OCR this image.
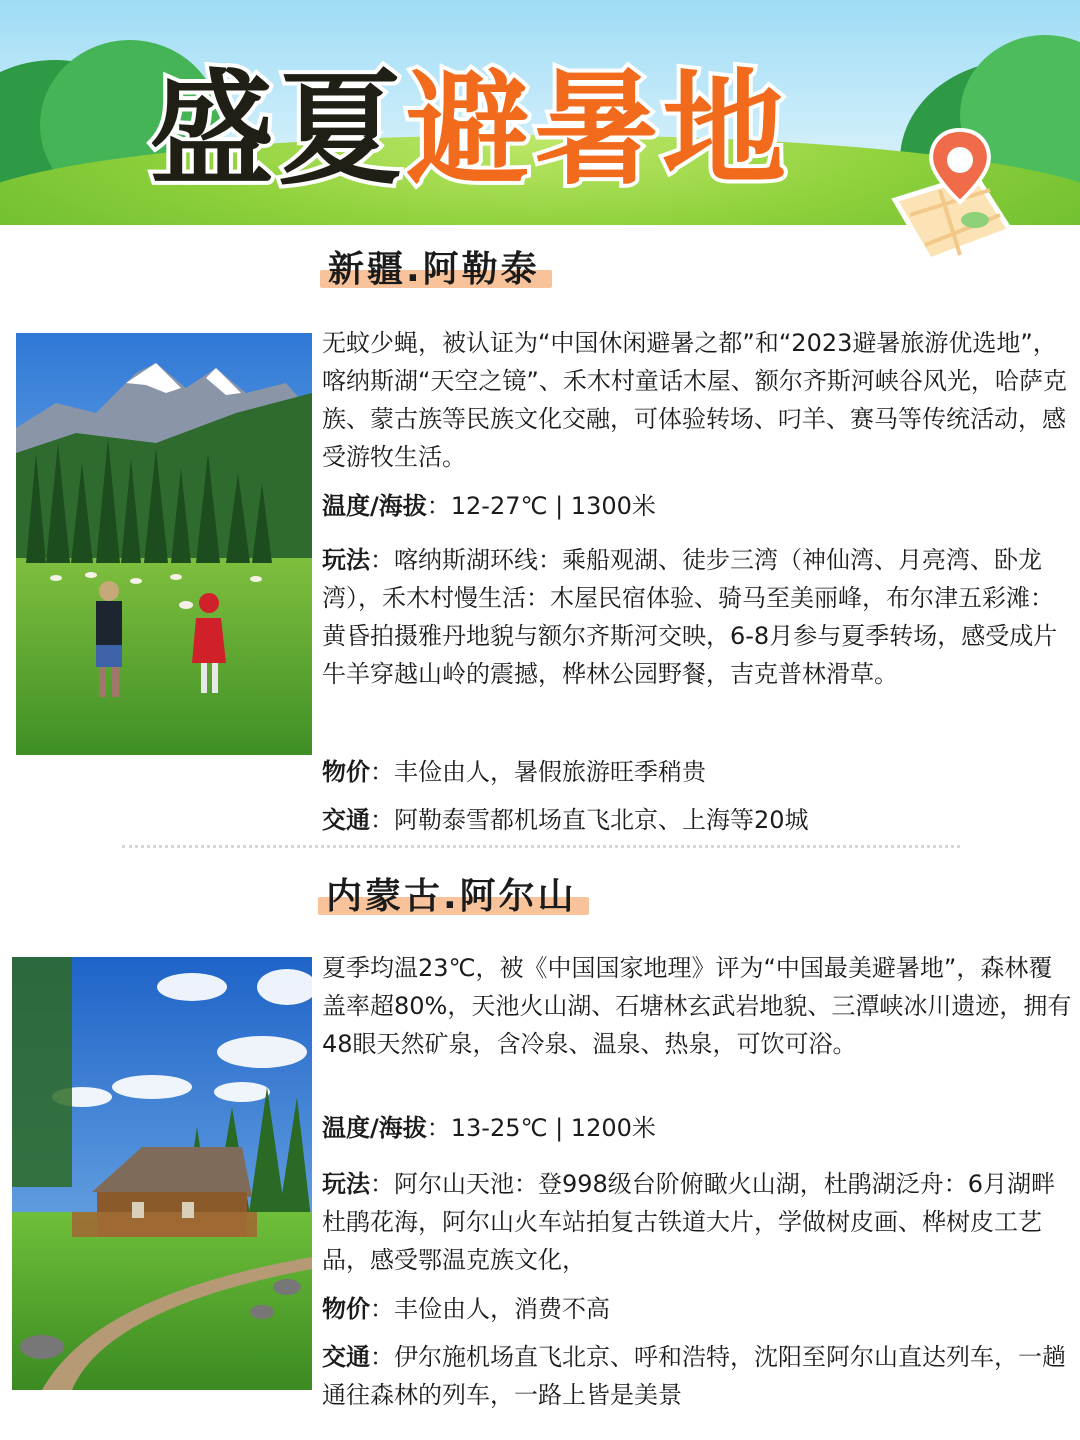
盛夏 避暑地
新疆.阿勒泰
无蚊少蝇，被认证为“中国休闲避暑之都”和“2023避暑旅游优选地”，喀纳斯湖“天空之镜”、禾木村童话木屋、额尔齐斯河峡谷风光，哈萨克族、蒙古族等民族文化交融，可体验转场、叼羊、赛马等传统活动，感受游牧生活。
温度/海拔：12-27℃ | 1300米
玩法：喀纳斯湖环线：乘船观湖、徒步三湾（神仙湾、月亮湾、卧龙湾），禾木村慢生活：木屋民宿体验、骑马至美丽峰，布尔津五彩滩：黄昏拍摄雅丹地貌与额尔齐斯河交映，6-8月参与夏季转场，感受成片牛羊穿越山岭的震撼，桦林公园野餐，吉克普林滑草。
物价：丰俭由人，暑假旅游旺季稍贵
交通：阿勒泰雪都机场直飞北京、上海等20城
内蒙古.阿尔山
夏季均温23℃，被《中国国家地理》评为“中国最美避暑地”，森林覆盖率超80%，天池火山湖、石塘林玄武岩地貌、三潭峡冰川遗迹，拥有48眼天然矿泉，含冷泉、温泉、热泉，可饮可浴。
温度/海拔：13-25℃ | 1200米
玩法：阿尔山天池：登998级台阶俯瞰火山湖，杜鹃湖泛舟：6月湖畔杜鹃花海，阿尔山火车站拍复古铁道大片，学做树皮画、桦树皮工艺品，感受鄂温克族文化，
物价：丰俭由人，消费不高
交通：伊尔施机场直飞北京、呼和浩特，沈阳至阿尔山直达列车，一趟通往森林的列车，一路上皆是美景
